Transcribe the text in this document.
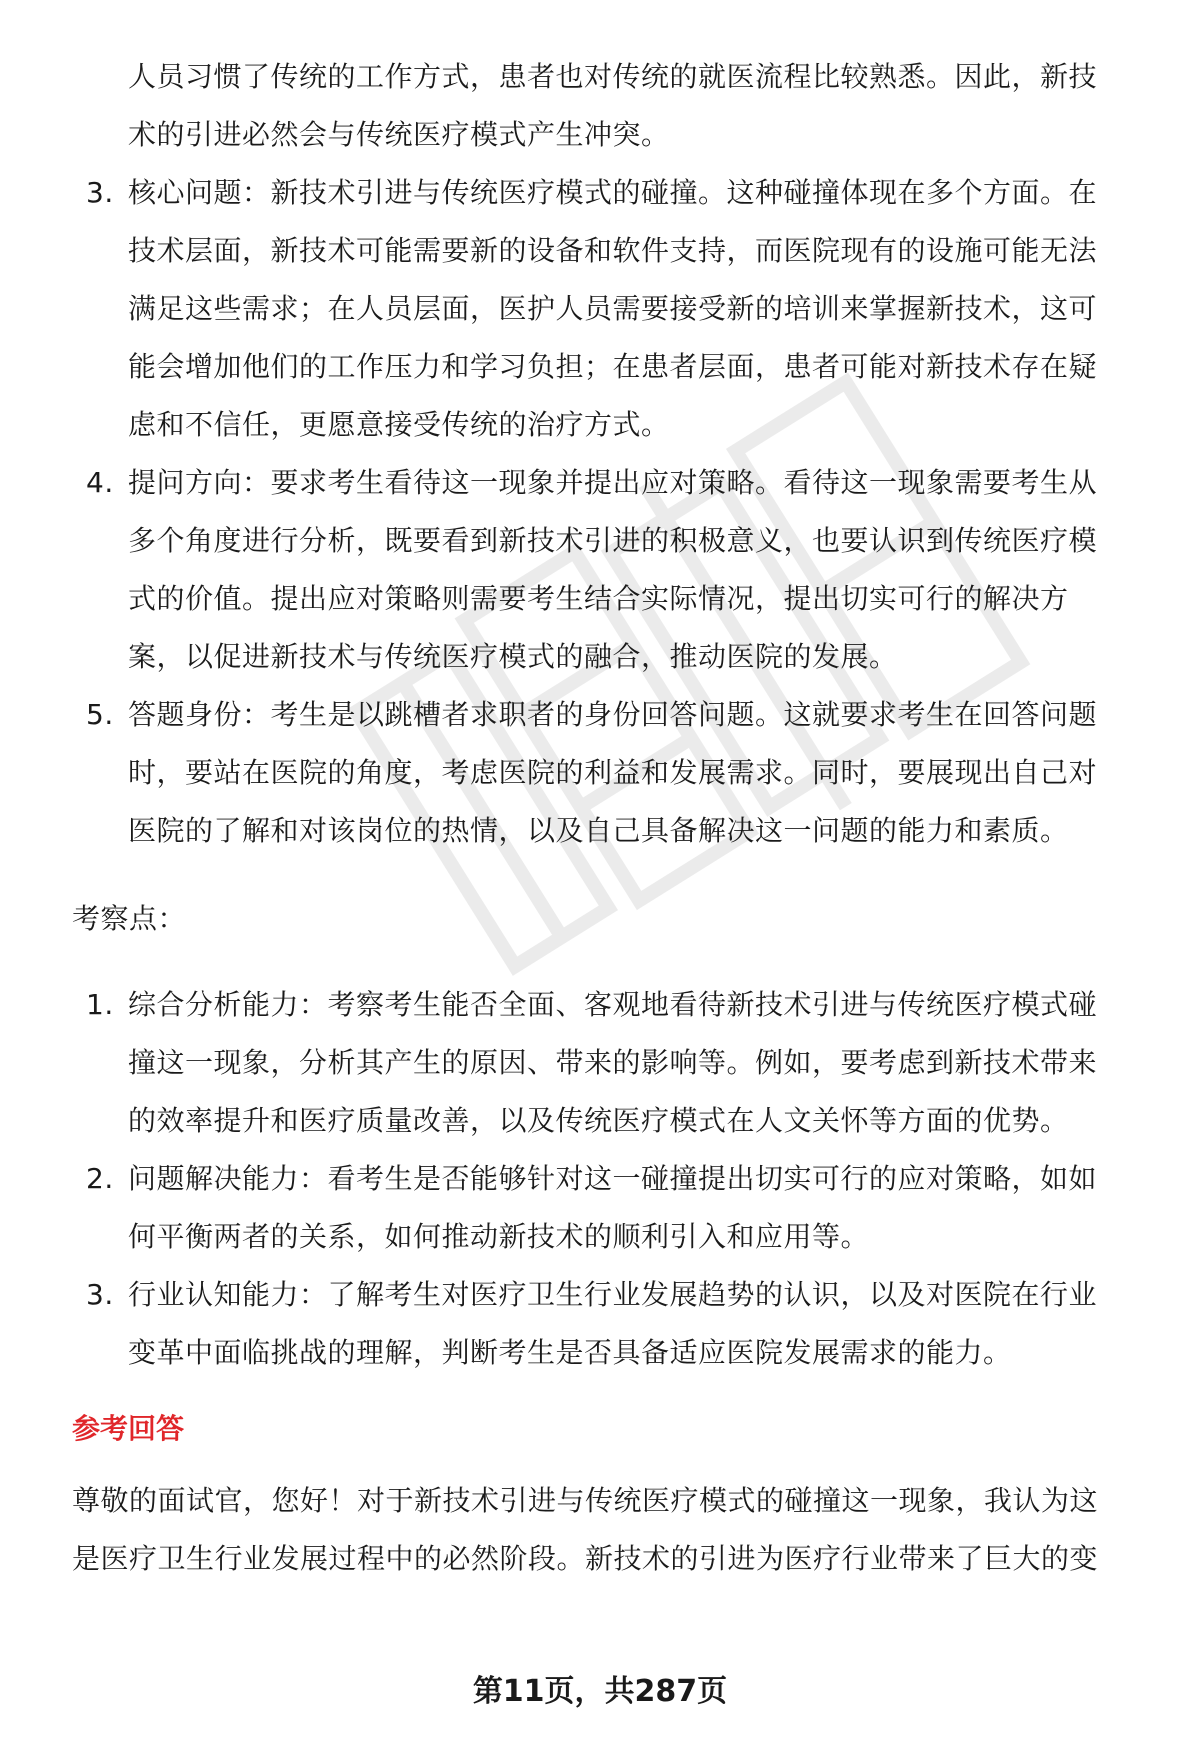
人员习惯了传统的工作方式，患者也对传统的就医流程比较熟悉。因此，新技
术的引进必然会与传统医疗模式产生冲突。
3. 核心问题：新技术引进与传统医疗模式的碰撞。这种碰撞体现在多个方面。在
技术层面，新技术可能需要新的设备和软件支持，而医院现有的设施可能无法
满足这些需求；在人员层面，医护人员需要接受新的培训来掌握新技术，这可
能会增加他们的工作压力和学习负担；在患者层面，患者可能对新技术存在疑
虑和不信任，更愿意接受传统的治疗方式。
4. 提问方向：要求考生看待这一现象并提出应对策略。看待这一现象需要考生从
多个角度进行分析，既要看到新技术引进的积极意义，也要认识到传统医疗模
式的价值。提出应对策略则需要考生结合实际情况，提出切实可行的解决方
案，以促进新技术与传统医疗模式的融合，推动医院的发展。
5. 答题身份：考生是以跳槽者求职者的身份回答问题。这就要求考生在回答问题
时，要站在医院的角度，考虑医院的利益和发展需求。同时，要展现出自己对
医院的了解和对该岗位的热情，以及自己具备解决这一问题的能力和素质。
考察点：
1. 综合分析能力：考察考生能否全面、客观地看待新技术引进与传统医疗模式碰
撞这一现象，分析其产生的原因、带来的影响等。例如，要考虑到新技术带来
的效率提升和医疗质量改善，以及传统医疗模式在人文关怀等方面的优势。
2. 问题解决能力：看考生是否能够针对这一碰撞提出切实可行的应对策略，如如
何平衡两者的关系，如何推动新技术的顺利引入和应用等。
3. 行业认知能力：了解考生对医疗卫生行业发展趋势的认识，以及对医院在行业
变革中面临挑战的理解，判断考生是否具备适应医院发展需求的能力。
参考回答
尊敬的面试官，您好！对于新技术引进与传统医疗模式的碰撞这一现象，我认为这
是医疗卫生行业发展过程中的必然阶段。新技术的引进为医疗行业带来了巨大的变
第11页，共287页
